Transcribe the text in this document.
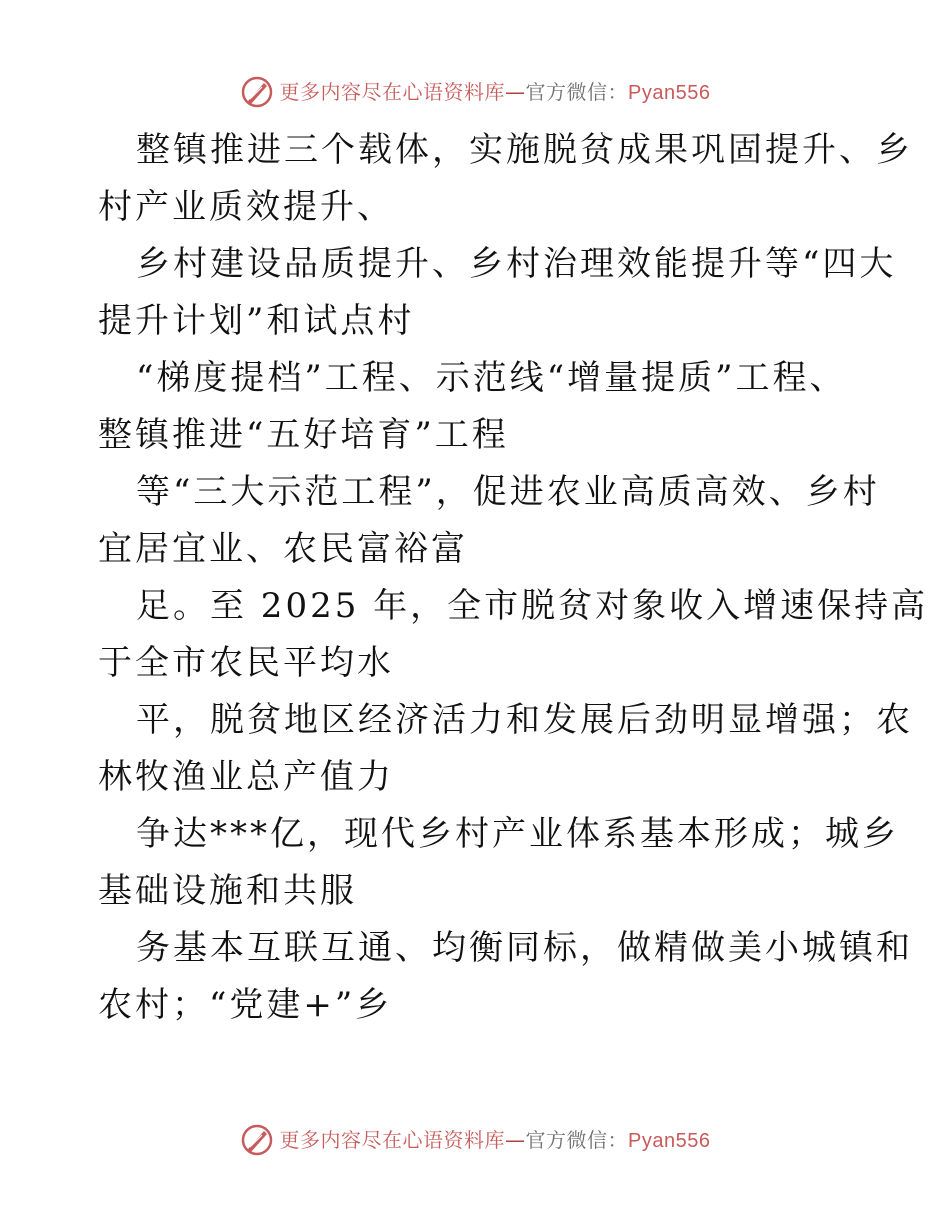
更多内容尽在心语资料库—官方微信：Pyan556

整镇推进三个载体，实施脱贫成果巩固提升、乡
村产业质效提升、

乡村建设品质提升、乡村治理效能提升等“四大
提升计划”和试点村

“梯度提档”工程、示范线“增量提质”工程、
整镇推进“五好培育”工程

等“三大示范工程”，促进农业高质高效、乡村
宜居宜业、农民富裕富

足。至 2025 年，全市脱贫对象收入增速保持高
于全市农民平均水

平，脱贫地区经济活力和发展后劲明显增强；农
林牧渔业总产值力

争达***亿，现代乡村产业体系基本形成；城乡
基础设施和共服

务基本互联互通、均衡同标，做精做美小城镇和
农村；“党建+”乡

更多内容尽在心语资料库—官方微信：Pyan556
